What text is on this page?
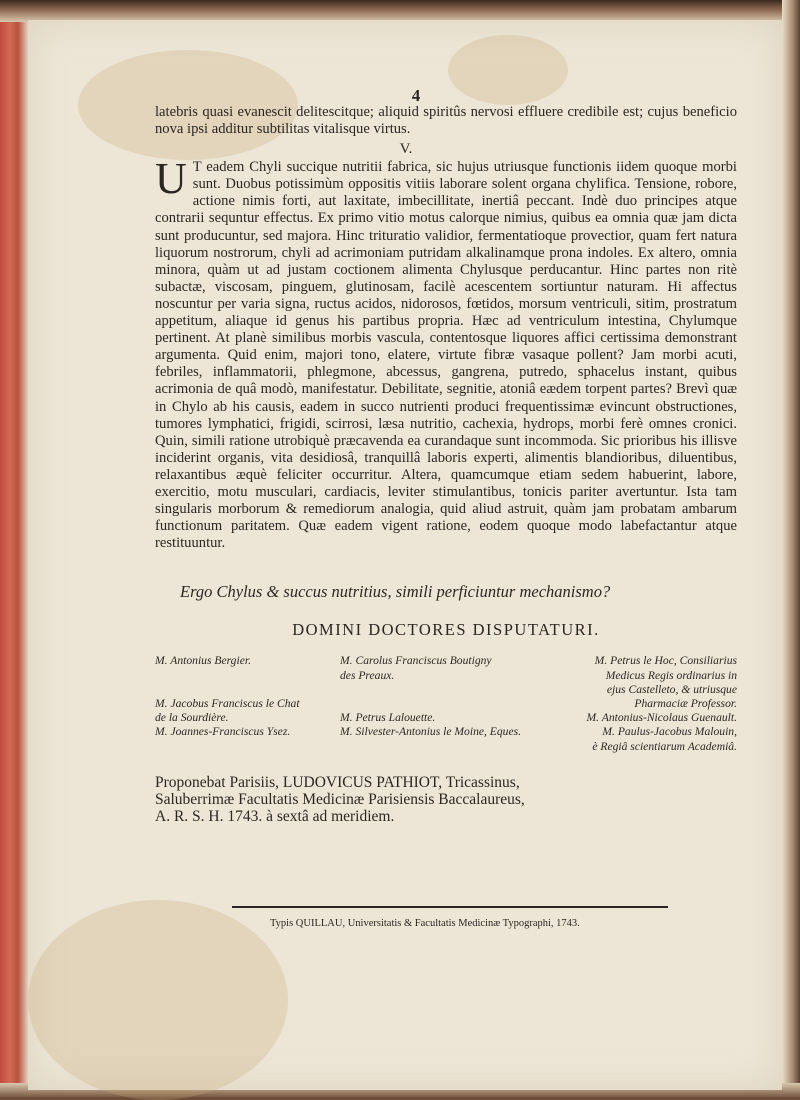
4

latebris quasi evanescit delitescitque; aliquid spiritûs nervosi effluere credibile est; cujus beneficio nova ipsi additur subtilitas vitalisque virtus.

V.

U T eadem Chyli succique nutritii fabrica, sic hujus utriusque functionis iidem quoque morbi sunt. Duobus potissimùm oppositis vitiis laborare solent organa chylifica. Tensione, robore, actione nimis forti, aut laxitate, imbecillitate, inertiâ peccant. Indè duo principes atque contrarii sequntur effectus. Ex primo vitio motus calorque nimius, quibus ea omnia quæ jam dicta sunt producuntur, sed majora. Hinc trituratio validior, fermentatioque provectior, quam fert natura liquorum nostrorum, chyli ad acrimoniam putridam alkalinamque prona indoles. Ex altero, omnia minora, quàm ut ad justam coctionem alimenta Chylusque perducantur. Hinc partes non ritè subactæ, viscosam, pinguem, glutinosam, facilè acescentem sortiuntur naturam. Hi affectus noscuntur per varia signa, ructus acidos, nidorosos, fœtidos, morsum ventriculi, sitim, prostratum appetitum, aliaque id genus his partibus propria. Hæc ad ventriculum intestina, Chylumque pertinent. At planè similibus morbis vascula, contentosque liquores affici certissima demonstrant argumenta. Quid enim, majori tono, elatere, virtute fibræ vasaque pollent? Jam morbi acuti, febriles, inflammatorii, phlegmone, abcessus, gangrena, putredo, sphacelus instant, quibus acrimonia de quâ modò, manifestatur. Debilitate, segnitie, atoniâ eædem torpent partes? Brevì quæ in Chylo ab his causis, eadem in succo nutrienti produci frequentissimæ evincunt obstructiones, tumores lymphatici, frigidi, scirrosi, læsa nutritio, cachexia, hydrops, morbi ferè omnes cronici. Quin, simili ratione utrobiquè præcavenda ea curandaque sunt incommoda. Sic prioribus his illisve inciderint organis, vita desidiosâ, tranquillâ laboris experti, alimentis blandioribus, diluentibus, relaxantibus æquè feliciter occurritur. Altera, quamcumque etiam sedem habuerint, labore, exercitio, motu musculari, cardiacis, leviter stimulantibus, tonicis pariter avertuntur. Ista tam singularis morborum & remediorum analogia, quid aliud astruit, quàm jam probatam ambarum functionum paritatem. Quæ eadem vigent ratione, eodem quoque modo labefactantur atque restituuntur.

Ergo Chylus & succus nutritius, simili perficiuntur mechanismo?

DOMINI DOCTORES DISPUTATURI.

M. Antonius Bergier.

M. Jacobus Franciscus le Chat
de la Sourdière.
M. Joannes-Franciscus Ysez.
M. Carolus Franciscus Boutigny
des Preaux.

M. Petrus Lalouette.
M. Silvester-Antonius le Moine, Eques.
M. Petrus le Hoc, Consiliarius
Medicus Regis ordinarius in
ejus Castelleto, & utriusque
Pharmaciæ Professor.
M. Antonius-Nicolaus Guenault.
M. Paulus-Jacobus Malouin,
è Regiâ scientiarum Academiâ.

Proponebat Parisiis, LUDOVICUS PATHIOT, Tricassinus,
Saluberrimæ Facultatis Medicinæ Parisiensis Baccalaureus,
A. R. S. H. 1743. à sextâ ad meridiem.

Typis QUILLAU, Universitatis & Facultatis Medicinæ Typographi, 1743.
